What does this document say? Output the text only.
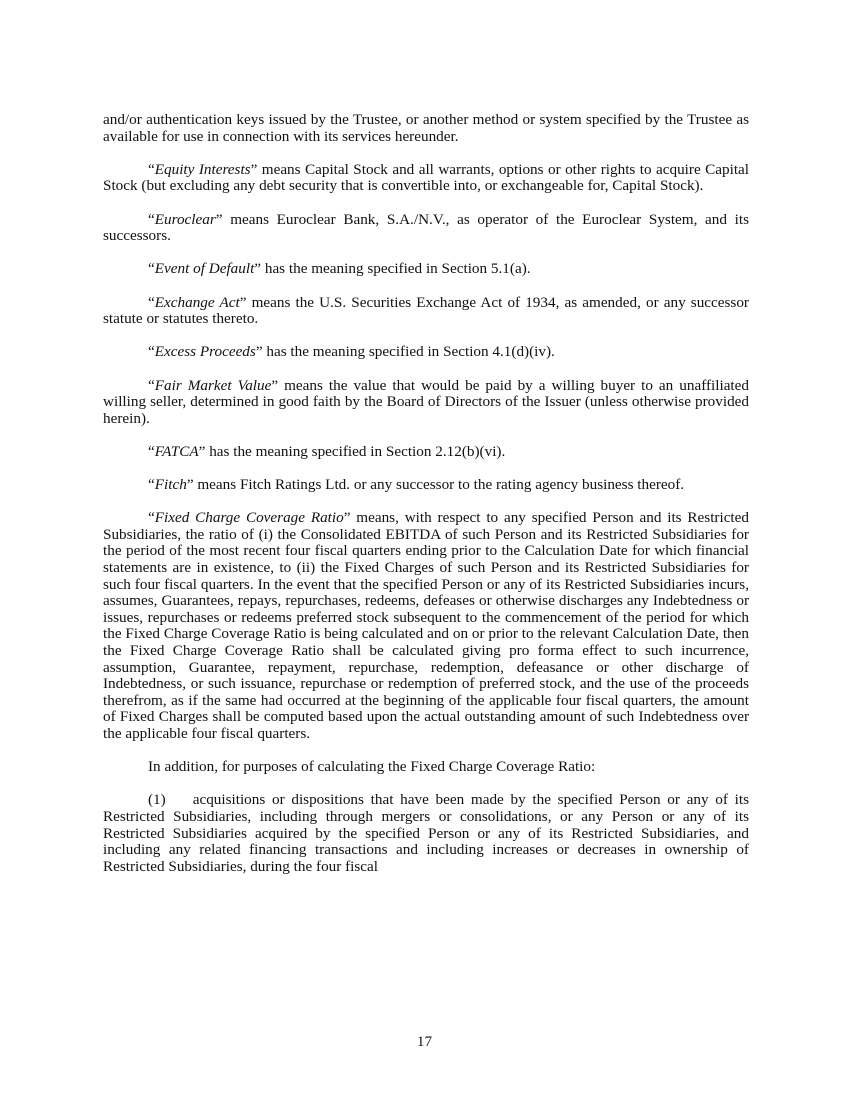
and/or authentication keys issued by the Trustee, or another method or system specified by the Trustee as available for use in connection with its services hereunder.

“Equity Interests” means Capital Stock and all warrants, options or other rights to acquire Capital Stock (but excluding any debt security that is convertible into, or exchangeable for, Capital Stock).

“Euroclear” means Euroclear Bank, S.A./N.V., as operator of the Euroclear System, and its successors.

“Event of Default” has the meaning specified in Section 5.1(a).

“Exchange Act” means the U.S. Securities Exchange Act of 1934, as amended, or any successor statute or statutes thereto.

“Excess Proceeds” has the meaning specified in Section 4.1(d)(iv).

“Fair Market Value” means the value that would be paid by a willing buyer to an unaffiliated willing seller, determined in good faith by the Board of Directors of the Issuer (unless otherwise provided herein).

“FATCA” has the meaning specified in Section 2.12(b)(vi).

“Fitch” means Fitch Ratings Ltd. or any successor to the rating agency business thereof.

“Fixed Charge Coverage Ratio” means, with respect to any specified Person and its Restricted Subsidiaries, the ratio of (i) the Consolidated EBITDA of such Person and its Restricted Subsidiaries for the period of the most recent four fiscal quarters ending prior to the Calculation Date for which financial statements are in existence, to (ii) the Fixed Charges of such Person and its Restricted Subsidiaries for such four fiscal quarters. In the event that the specified Person or any of its Restricted Subsidiaries incurs, assumes, Guarantees, repays, repurchases, redeems, defeases or otherwise discharges any Indebtedness or issues, repurchases or redeems preferred stock subsequent to the commencement of the period for which the Fixed Charge Coverage Ratio is being calculated and on or prior to the relevant Calculation Date, then the Fixed Charge Coverage Ratio shall be calculated giving pro forma effect to such incurrence, assumption, Guarantee, repayment, repurchase, redemption, defeasance or other discharge of Indebtedness, or such issuance, repurchase or redemption of preferred stock, and the use of the proceeds therefrom, as if the same had occurred at the beginning of the applicable four fiscal quarters, the amount of Fixed Charges shall be computed based upon the actual outstanding amount of such Indebtedness over the applicable four fiscal quarters.

In addition, for purposes of calculating the Fixed Charge Coverage Ratio:

(1) acquisitions or dispositions that have been made by the specified Person or any of its Restricted Subsidiaries, including through mergers or consolidations, or any Person or any of its Restricted Subsidiaries acquired by the specified Person or any of its Restricted Subsidiaries, and including any related financing transactions and including increases or decreases in ownership of Restricted Subsidiaries, during the four fiscal

17
